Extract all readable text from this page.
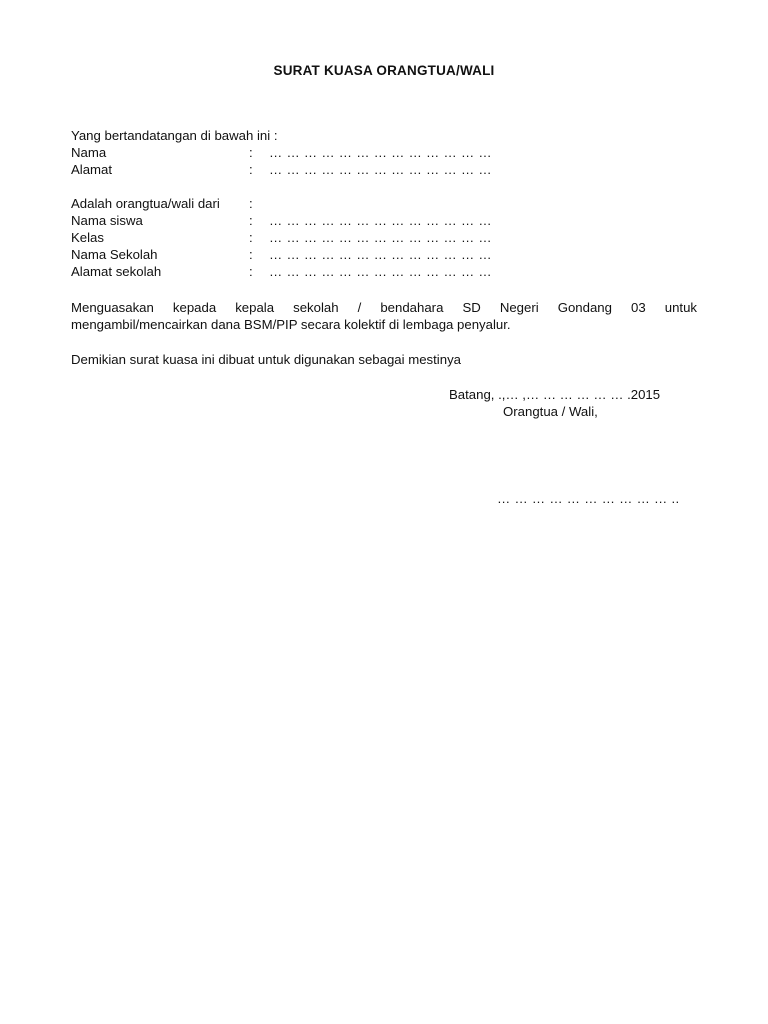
SURAT KUASA ORANGTUA/WALI
Yang bertandatangan di bawah ini :
Nama	: … … … … … … … … … … … … …
Alamat	: … … … … … … … … … … … … …
Adalah orangtua/wali dari :
Nama siswa	: … … … … … … … … … … … … …
Kelas	: … … … … … … … … … … … … …
Nama Sekolah	: … … … … … … … … … … … … …
Alamat sekolah	: … … … … … … … … … … … … …
Menguasakan kepada kepala sekolah / bendahara SD Negeri Gondang 03 untuk
mengambil/mencairkan dana BSM/PIP secara kolektif di lembaga penyalur.
Demikian surat kuasa ini dibuat untuk digunakan sebagai mestinya
Batang, .,… ,… … … … … … .2015
Orangtua / Wali,
… … … … … … … … … … ..
